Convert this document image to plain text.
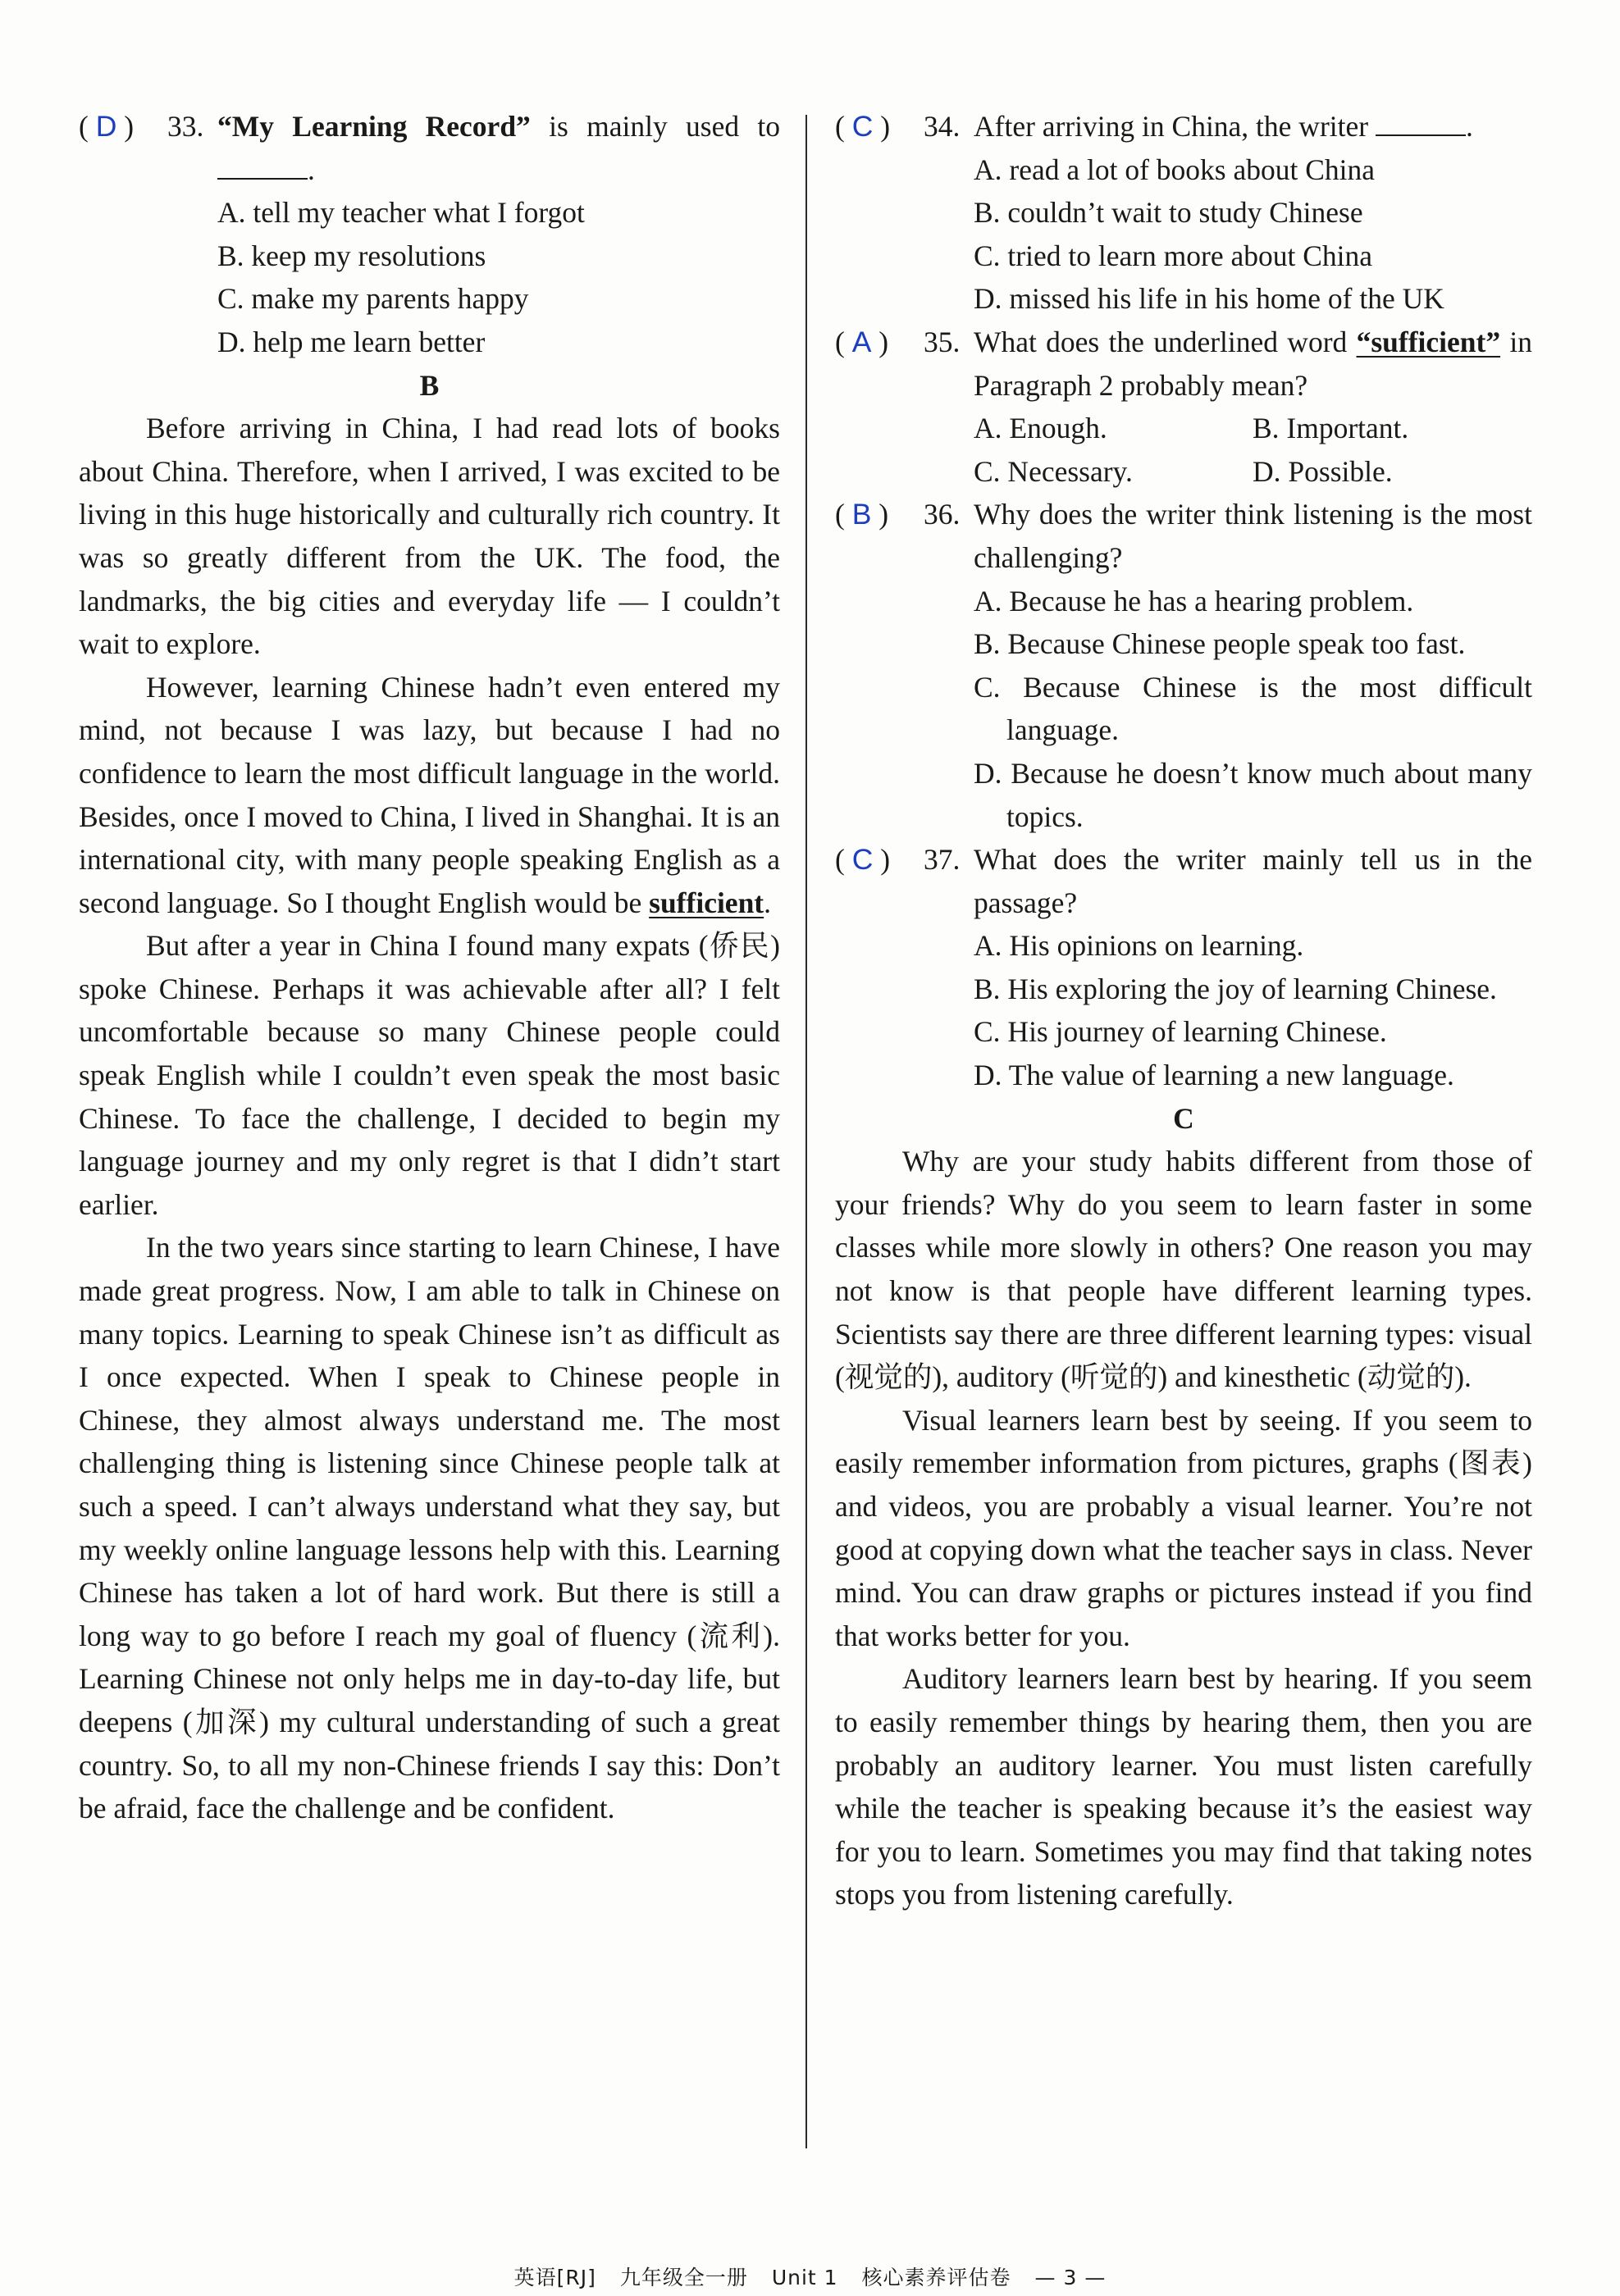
( D ) 33. “My Learning Record” is mainly used to .

A. tell my teacher what I forgot

B. keep my resolutions

C. make my parents happy

D. help me learn better

B

Before arriving in China, I had read lots of books about China. Therefore, when I arrived, I was excited to be living in this huge historically and culturally rich country. It was so greatly different from the UK. The food, the landmarks, the big cities and everyday life — I couldn’t wait to explore.

However, learning Chinese hadn’t even entered my mind, not because I was lazy, but because I had no confidence to learn the most difficult language in the world. Besides, once I moved to China, I lived in Shanghai. It is an international city, with many people speaking English as a second language. So I thought English would be sufficient.

But after a year in China I found many expats (侨民) spoke Chinese. Perhaps it was achievable after all? I felt uncomfortable because so many Chinese people could speak English while I couldn’t even speak the most basic Chinese. To face the challenge, I decided to begin my language journey and my only regret is that I didn’t start earlier.

In the two years since starting to learn Chinese, I have made great progress. Now, I am able to talk in Chinese on many topics. Learning to speak Chinese isn’t as difficult as I once expected. When I speak to Chinese people in Chinese, they almost always understand me. The most challenging thing is listening since Chinese people talk at such a speed. I can’t always understand what they say, but my weekly online language lessons help with this. Learning Chinese has taken a lot of hard work. But there is still a long way to go before I reach my goal of fluency (流利). Learning Chinese not only helps me in day-to-day life, but deepens (加深) my cultural understanding of such a great country. So, to all my non-Chinese friends I say this: Don’t be afraid, face the challenge and be confident.

( C ) 34. After arriving in China, the writer	.

A. read a lot of books about China

B. couldn’t wait to study Chinese

C. tried to learn more about China

D. missed his life in his home of the UK

( A ) 35. What does the underlined word “sufficient” in Paragraph 2 probably mean?

A. Enough.	B. Important.
C. Necessary.	D. Possible.
( B ) 36. Why does the writer think listening is the most challenging?

A. Because he has a hearing problem.

B. Because Chinese people speak too fast.

C. Because Chinese is the most difficult language.

D. Because he doesn’t know much about many topics.

( C ) 37. What does the writer mainly tell us in the passage?

A. His opinions on learning.

B. His exploring the joy of learning Chinese.

C. His journey of learning Chinese.

D. The value of learning a new language.

C

Why are your study habits different from those of your friends? Why do you seem to learn faster in some classes while more slowly in others? One reason you may not know is that people have different learning types. Scientists say there are three different learning types: visual (视觉的), auditory (听觉的) and kinesthetic (动觉的).

Visual learners learn best by seeing. If you seem to easily remember information from pictures, graphs (图表) and videos, you are probably a visual learner. You’re not good at copying down what the teacher says in class. Never mind. You can draw graphs or pictures instead if you find that works better for you.

Auditory learners learn best by hearing. If you seem to easily remember things by hearing them, then you are probably an auditory learner. You must listen carefully while the teacher is speaking because it’s the easiest way for you to learn. Sometimes you may find that taking notes stops you from listening carefully.

英语[RJ] 九年级全一册 Unit 1 核心素养评估卷 — 3 —
